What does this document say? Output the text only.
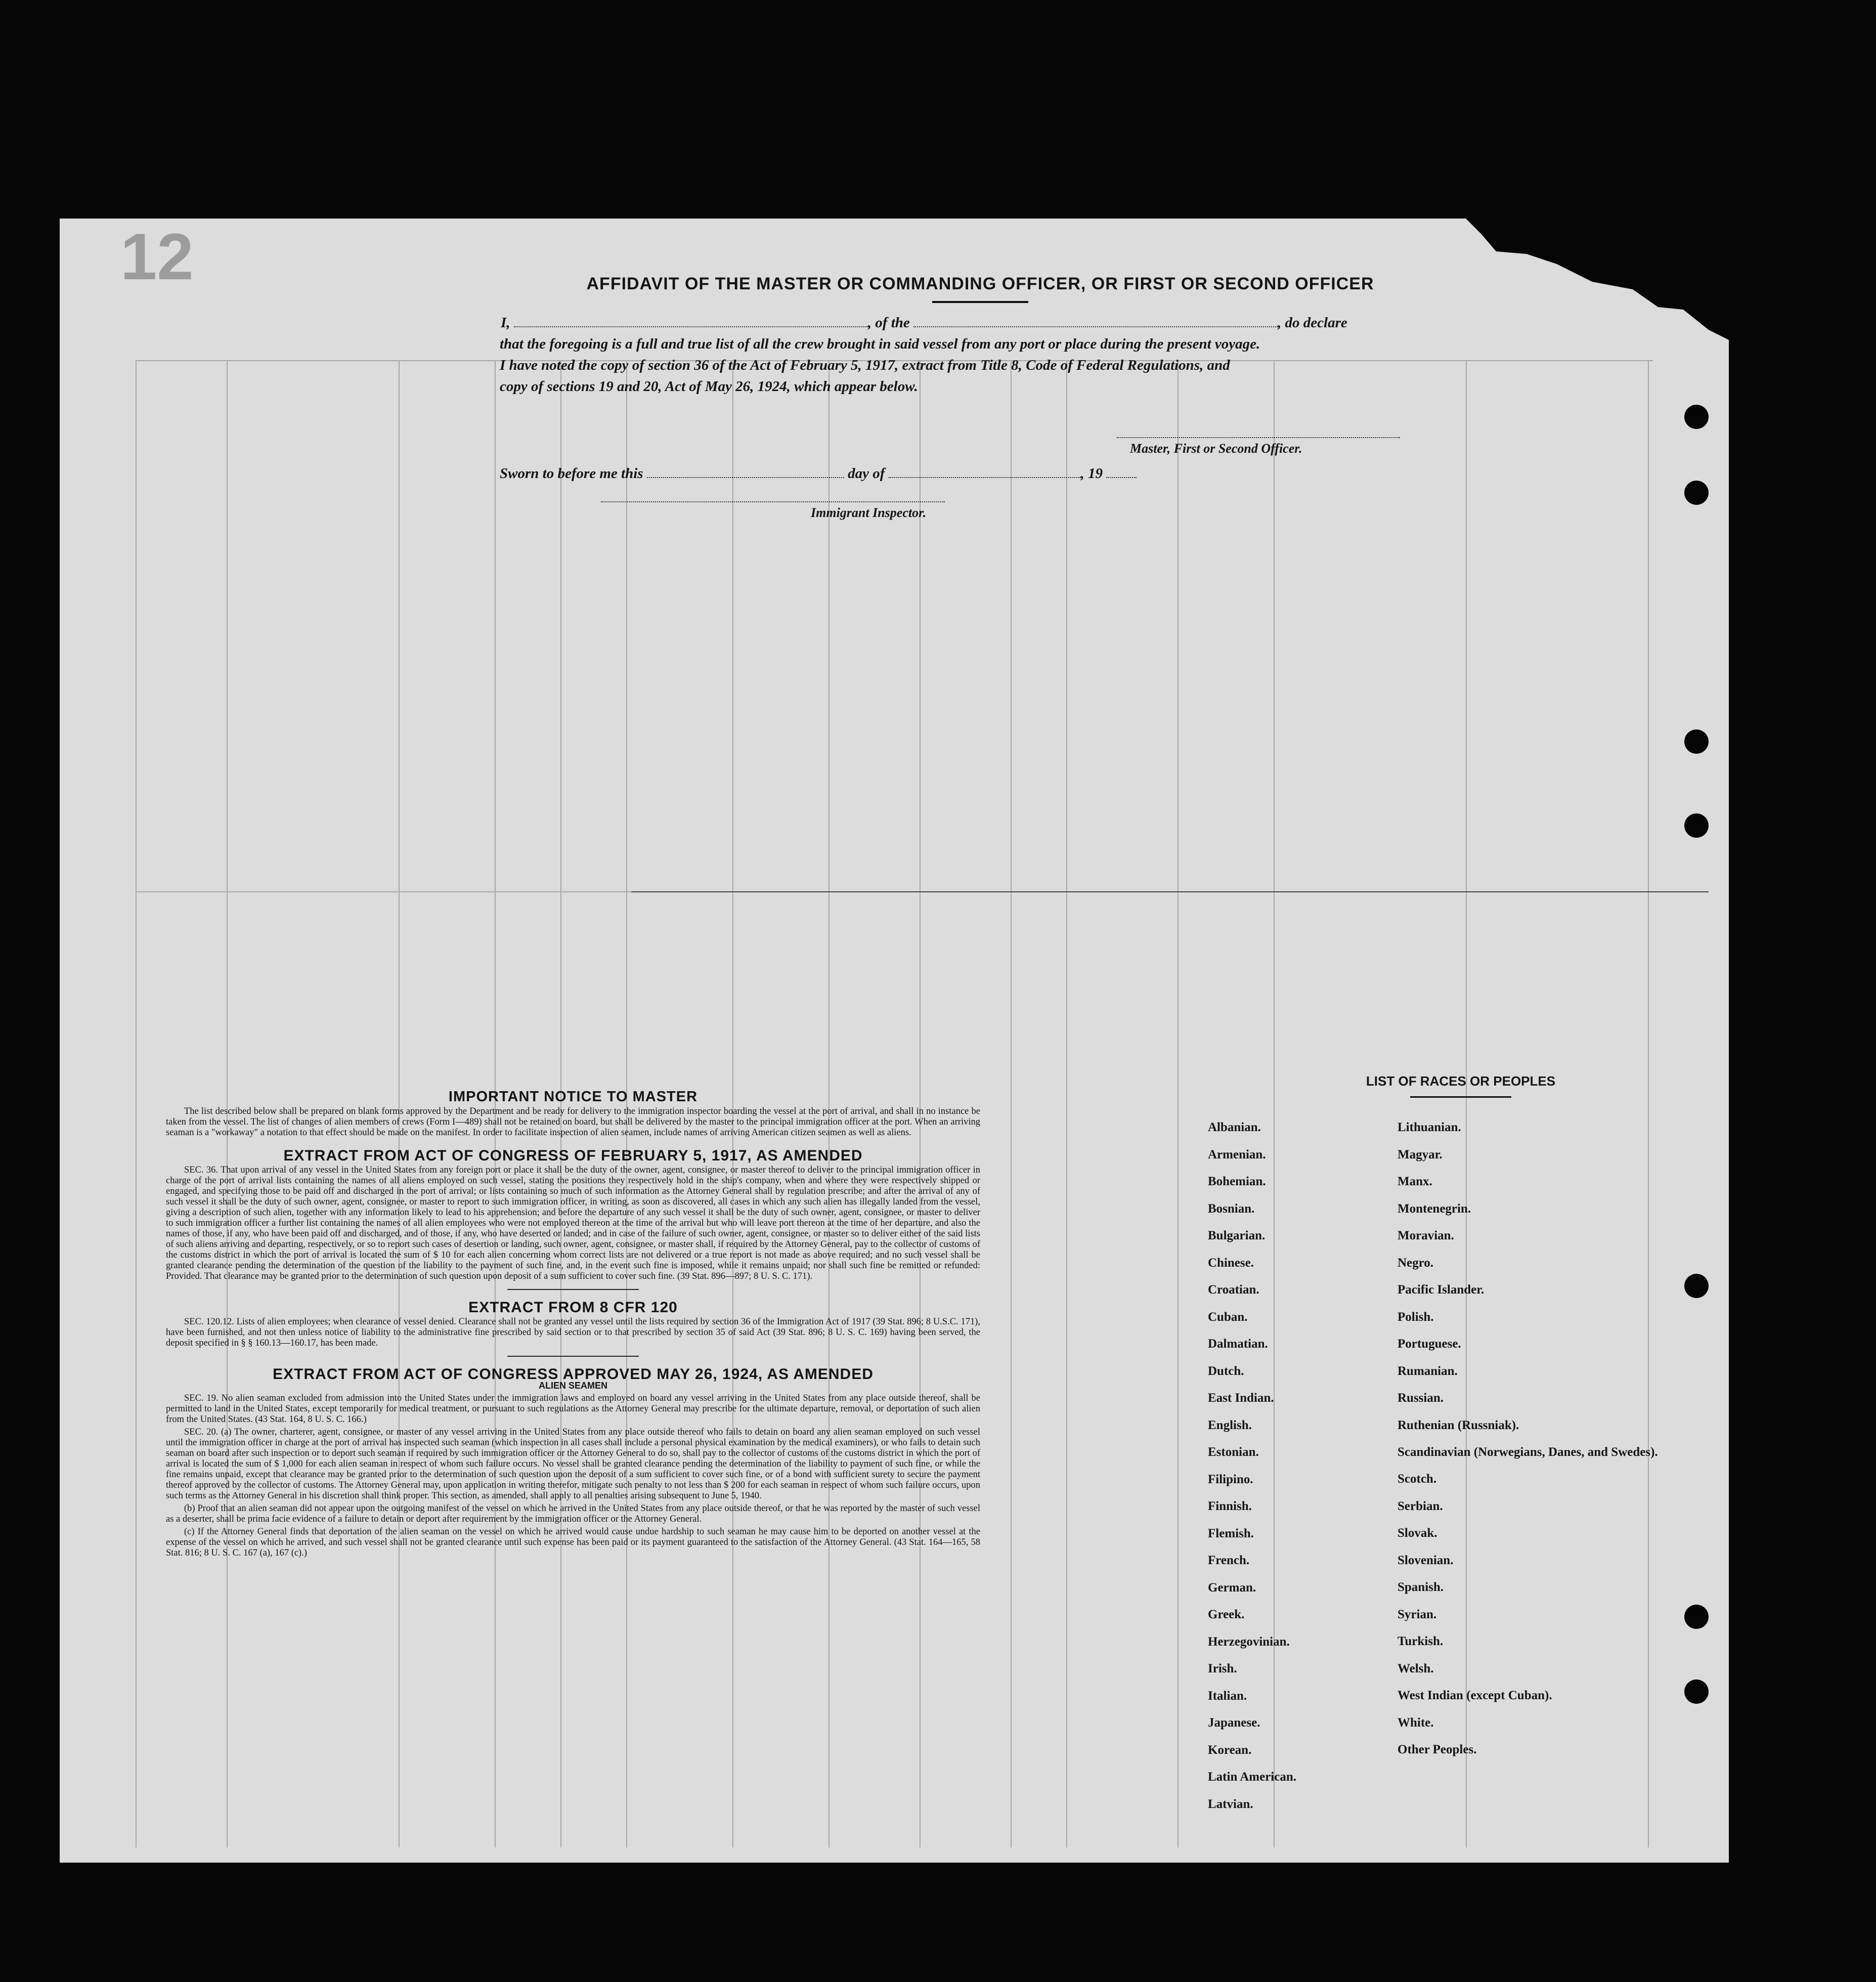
12	AFFIDAVIT OF THE MASTER OR COMMANDING OFFICER, OR FIRST OR SECOND OFFICER
I,	, of the	, do declare
that the foregoing is a full and true list of all the crew brought in said vessel from any port or place during the present voyage.
I have noted the copy of section 36 of the Act of February 5, 1917, extract from Title 8, Code of Federal Regulations, and
copy of sections 19 and 20, Act of May 26, 1924, which appear below.
Master, First or Second Officer.
Sworn to before me this	day of	, 19
Immigrant Inspector.
IMPORTANT NOTICE TO MASTER

The list described below shall be prepared on blank forms approved by the Department and be ready for delivery to the immigration inspector boarding the vessel at the port of arrival, and shall in no instance be taken from the vessel. The list of changes of alien members of crews (Form I—489) shall not be retained on board, but shall be delivered by the master to the principal immigration officer at the port. When an arriving seaman is a "workaway" a notation to that effect should be made on the manifest. In order to facilitate inspection of alien seamen, include names of arriving American citizen seamen as well as aliens.

EXTRACT FROM ACT OF CONGRESS OF FEBRUARY 5, 1917, AS AMENDED

SEC. 36. That upon arrival of any vessel in the United States from any foreign port or place it shall be the duty of the owner, agent, consignee, or master thereof to deliver to the principal immigration officer in charge of the port of arrival lists containing the names of all aliens employed on such vessel, stating the positions they respectively hold in the ship's company, when and where they were respectively shipped or engaged, and specifying those to be paid off and discharged in the port of arrival; or lists containing so much of such information as the Attorney General shall by regulation prescribe; and after the arrival of any of such vessel it shall be the duty of such owner, agent, consignee, or master to report to such immigration officer, in writing, as soon as discovered, all cases in which any such alien has illegally landed from the vessel, giving a description of such alien, together with any information likely to lead to his apprehension; and before the departure of any such vessel it shall be the duty of such owner, agent, consignee, or master to deliver to such immigration officer a further list containing the names of all alien employees who were not employed thereon at the time of the arrival but who will leave port thereon at the time of her departure, and also the names of those, if any, who have been paid off and discharged, and of those, if any, who have deserted or landed; and in case of the failure of such owner, agent, consignee, or master so to deliver either of the said lists of such aliens arriving and departing, respectively, or so to report such cases of desertion or landing, such owner, agent, consignee, or master shall, if required by the Attorney General, pay to the collector of customs of the customs district in which the port of arrival is located the sum of $ 10 for each alien concerning whom correct lists are not delivered or a true report is not made as above required; and no such vessel shall be granted clearance pending the determination of the question of the liability to the payment of such fine, and, in the event such fine is imposed, while it remains unpaid; nor shall such fine be remitted or refunded: Provided. That clearance may be granted prior to the determination of such question upon deposit of a sum sufficient to cover such fine. (39 Stat. 896—897; 8 U. S. C. 171).

EXTRACT FROM 8 CFR 120

SEC. 120.12. Lists of alien employees; when clearance of vessel denied. Clearance shall not be granted any vessel until the lists required by section 36 of the Immigration Act of 1917 (39 Stat. 896; 8 U.S.C. 171), have been furnished, and not then unless notice of liability to the administrative fine prescribed by said section or to that prescribed by section 35 of said Act (39 Stat. 896; 8 U. S. C. 169) having been served, the deposit specified in § § 160.13—160.17, has been made.

EXTRACT FROM ACT OF CONGRESS APPROVED MAY 26, 1924, AS AMENDED
ALIEN SEAMEN

SEC. 19. No alien seaman excluded from admission into the United States under the immigration laws and employed on board any vessel arriving in the United States from any place outside thereof, shall be permitted to land in the United States, except temporarily for medical treatment, or pursuant to such regulations as the Attorney General may prescribe for the ultimate departure, removal, or deportation of such alien from the United States. (43 Stat. 164, 8 U. S. C. 166.)

SEC. 20. (a) The owner, charterer, agent, consignee, or master of any vessel arriving in the United States from any place outside thereof who fails to detain on board any alien seaman employed on such vessel until the immigration officer in charge at the port of arrival has inspected such seaman (which inspection in all cases shall include a personal physical examination by the medical examiners), or who fails to detain such seaman on board after such inspection or to deport such seaman if required by such immigration officer or the Attorney General to do so, shall pay to the collector of customs of the customs district in which the port of arrival is located the sum of $ 1,000 for each alien seaman in respect of whom such failure occurs. No vessel shall be granted clearance pending the determination of the liability to payment of such fine, or while the fine remains unpaid, except that clearance may be granted prior to the determination of such question upon the deposit of a sum sufficient to cover such fine, or of a bond with sufficient surety to secure the payment thereof approved by the collector of customs. The Attorney General may, upon application in writing therefor, mitigate such penalty to not less than $ 200 for each seaman in respect of whom such failure occurs, upon such terms as the Attorney General in his discretion shall think proper. This section, as amended, shall apply to all penalties arising subsequent to June 5, 1940.

(b) Proof that an alien seaman did not appear upon the outgoing manifest of the vessel on which he arrived in the United States from any place outside thereof, or that he was reported by the master of such vessel as a deserter, shall be prima facie evidence of a failure to detain or deport after requirement by the immigration officer or the Attorney General.

(c) If the Attorney General finds that deportation of the alien seaman on the vessel on which he arrived would cause undue hardship to such seaman he may cause him to be deported on another vessel at the expense of the vessel on which he arrived, and such vessel shall not be granted clearance until such expense has been paid or its payment guaranteed to the satisfaction of the Attorney General. (43 Stat. 164—165, 58 Stat. 816; 8 U. S. C. 167 (a), 167 (c).)

LIST OF RACES OR PEOPLES
Albanian.
Armenian.
Bohemian.
Bosnian.
Bulgarian.
Chinese.
Croatian.
Cuban.
Dalmatian.
Dutch.
East Indian.
English.
Estonian.
Filipino.
Finnish.
Flemish.
French.
German.
Greek.
Herzegovinian.
Irish.
Italian.
Japanese.
Korean.
Latin American.
Latvian.
Lithuanian.
Magyar.
Manx.
Montenegrin.
Moravian.
Negro.
Pacific Islander.
Polish.
Portuguese.
Rumanian.
Russian.
Ruthenian (Russniak).
Scandinavian (Norwegians, Danes, and Swedes).
Scotch.
Serbian.
Slovak.
Slovenian.
Spanish.
Syrian.
Turkish.
Welsh.
West Indian (except Cuban).
White.
Other Peoples.
